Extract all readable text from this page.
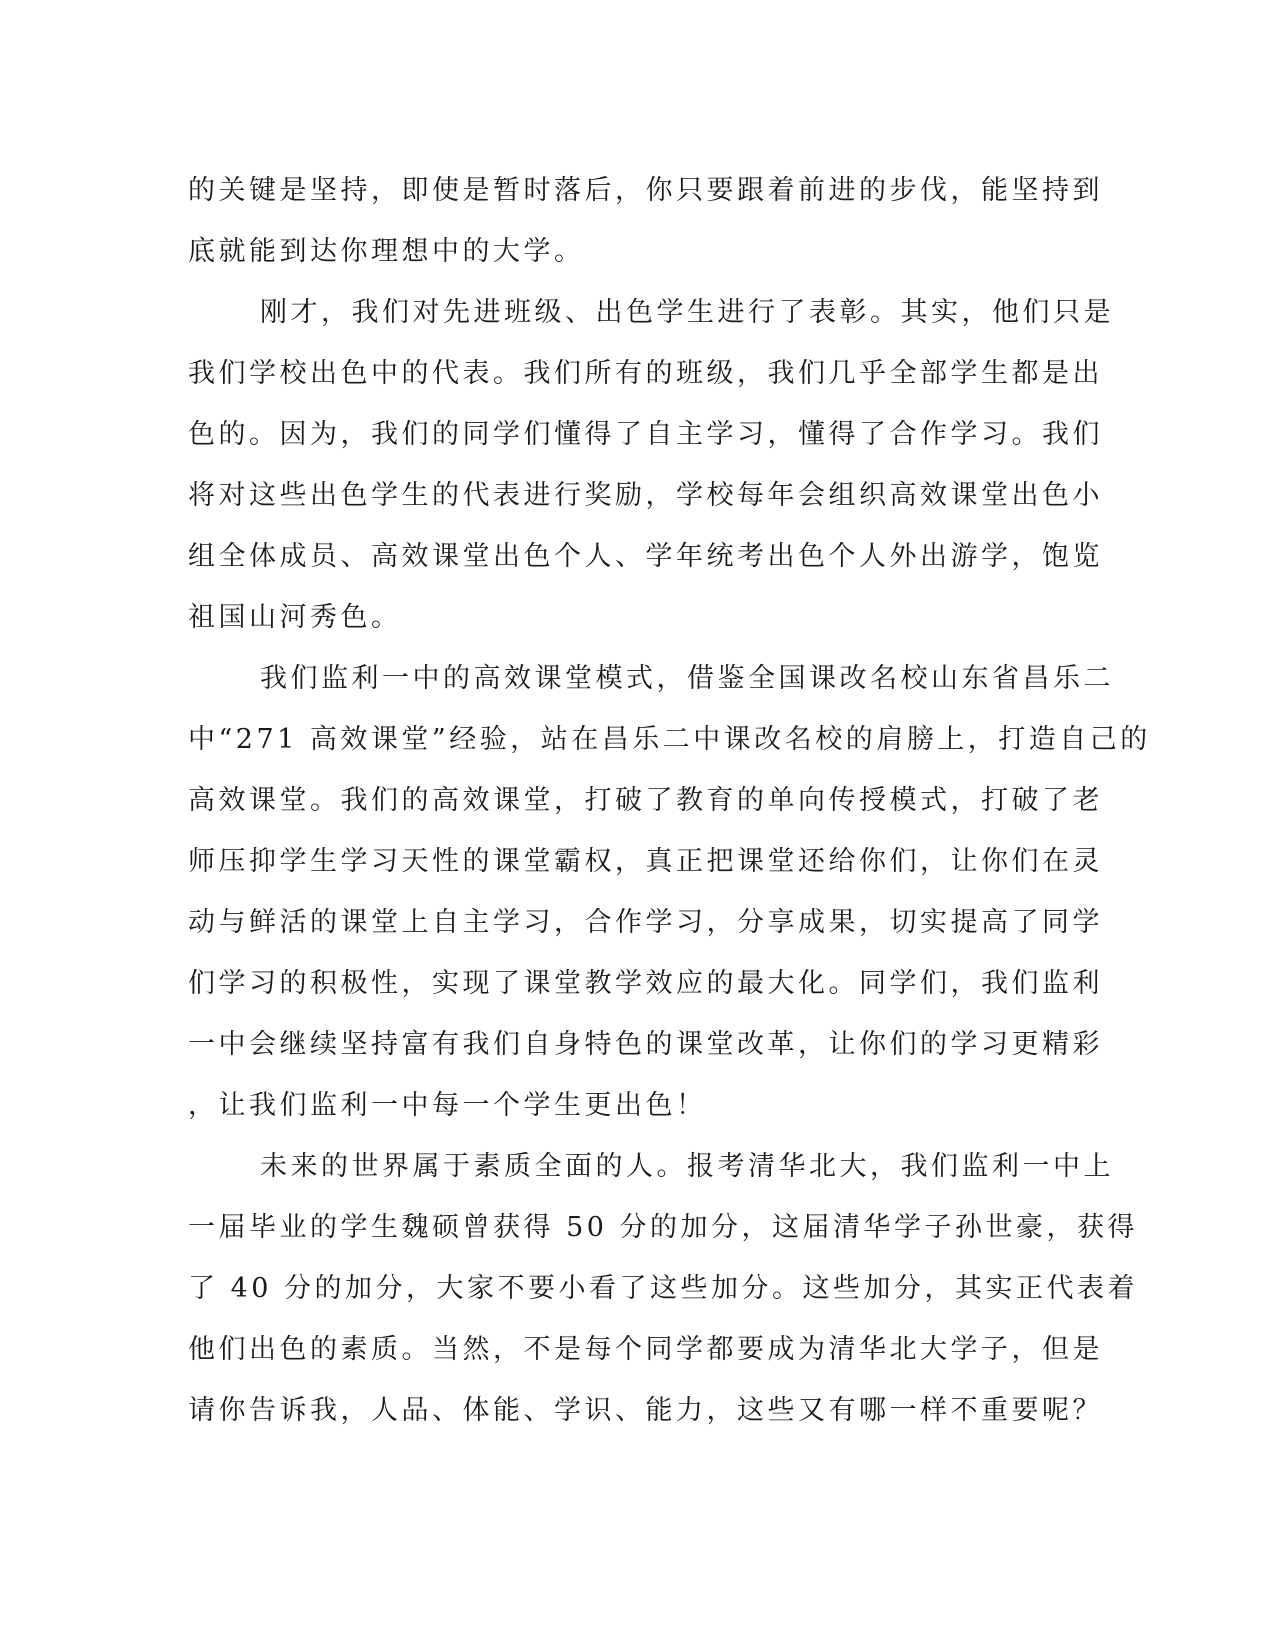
的关键是坚持，即使是暂时落后，你只要跟着前进的步伐，能坚持到
底就能到达你理想中的大学。
刚才，我们对先进班级、出色学生进行了表彰。其实，他们只是
我们学校出色中的代表。我们所有的班级，我们几乎全部学生都是出
色的。因为，我们的同学们懂得了自主学习，懂得了合作学习。我们
将对这些出色学生的代表进行奖励，学校每年会组织高效课堂出色小
组全体成员、高效课堂出色个人、学年统考出色个人外出游学，饱览
祖国山河秀色。
我们监利一中的高效课堂模式，借鉴全国课改名校山东省昌乐二
中“271 高效课堂”经验，站在昌乐二中课改名校的肩膀上，打造自己的
高效课堂。我们的高效课堂，打破了教育的单向传授模式，打破了老
师压抑学生学习天性的课堂霸权，真正把课堂还给你们，让你们在灵
动与鲜活的课堂上自主学习，合作学习，分享成果，切实提高了同学
们学习的积极性，实现了课堂教学效应的最大化。同学们，我们监利
一中会继续坚持富有我们自身特色的课堂改革，让你们的学习更精彩
，让我们监利一中每一个学生更出色！
未来的世界属于素质全面的人。报考清华北大，我们监利一中上
一届毕业的学生魏硕曾获得 50 分的加分，这届清华学子孙世豪，获得
了 40 分的加分，大家不要小看了这些加分。这些加分，其实正代表着
他们出色的素质。当然，不是每个同学都要成为清华北大学子，但是
请你告诉我，人品、体能、学识、能力，这些又有哪一样不重要呢？
